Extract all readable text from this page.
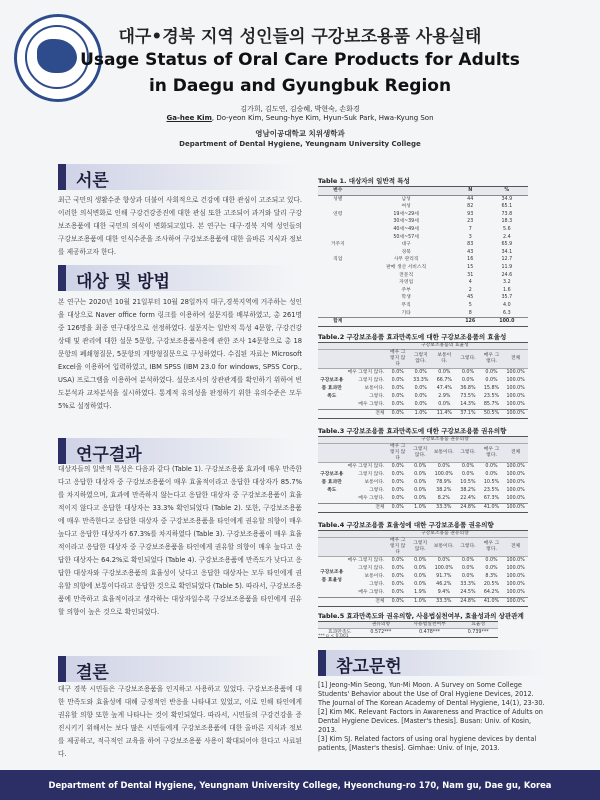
대구•경북 지역 성인들의 구강보조용품 사용실태
Usage Status of Oral Care Products for Adults
in Daegu and Gyungbuk Region
김가희, 김도연, 김승혜, 박현숙, 손화경
Ga-hee Kim, Do-yeon Kim, Seung-hye Kim, Hyun-Suk Park, Hwa-Kyung Son
영남이공대학교 치위생학과
Department of Dental Hygiene, Yeungnam University College
서론
최근 국민의 생활수준 향상과 더불어 사회적으로 건강에 대한 관심이 고조되고 있다. 이러한 의식변화로 인해 구강건강증진에 대한 관심 또한 고조되어 과거와 달리 구강보조용품에 대한 국민의 의식이 변화되고있다. 본 연구는 대구·경북 지역 성인들의 구강보조용품에 대한 인식수준을 조사하여 구강보조용품에 대한 올바른 지식과 정보를 제공하고자 한다.
대상 및 방법
본 연구는 2020년 10월 21일부터 10월 28일까지 대구,경북지역에 거주하는 성인을 대상으로 Naver office form 링크를 이용하여 설문지를 배부하였고, 총 261명 중 126명을 최종 연구대상으로 선정하였다. 설문지는 일반적 특성 4문항, 구강건강상태 및 관리에 대한 설문 5문항, 구강보조용품사용에 관한 조사 14문항으로 총 18문항의 폐쇄형질문, 5문항의 개방형질문으로 구성하였다. 수집된 자료는 Microsoft Excel을 이용하여 입력하였고, IBM SPSS (IBM 23.0 for windows, SPSS Corp., USA) 프로그램을 이용하여 분석하였다. 설문조사의 상관관계를 확인하기 위하여 빈도분석과 교차분석을 실시하였다. 통계적 유의성을 판정하기 위한 유의수준은 모두 5%로 설정하였다.
연구결과
대상자들의 일반적 특성은 다음과 같다 (Table 1). 구강보조용품 효과에 매우 만족한다고 응답한 대상자 중 구강보조용품이 매우 효율적이라고 응답한 대상자가 85.7%를 차지하였으며, 효과에 만족하지 않는다고 응답한 대상자 중 구강보조용품이 효율적이지 않다고 응답한 대상자는 33.3% 확인되었다 (Table 2). 또한, 구강보조용품에 매우 만족한다고 응답한 대상자 중 구강보조용품을 타인에게 권유할 의향이 매우 높다고 응답한 대상자가 67.3%를 차지하였다 (Table 3). 구강보조용품이 매우 효율적이라고 응답한 대상자 중 구강보조용품을 타인에게 권유할 의향이 매우 높다고 응답한 대상자는 64.2%로 확인되었다 (Table 4). 구강보조용품에 만족도가 낮다고 응답한 대상자와 구강보조용품의 효율성이 낮다고 응답한 대상자는 모두 타인에게 권유할 의향에 보통이다라고 응답한 것으로 확인되었다 (Table 5). 따라서, 구강보조용품에 만족하고 효율적이라고 생각하는 대상자일수록 구강보조용품을 타인에게 권유할 의향이 높은 것으로 확인되었다.
결론
대구 경북 시민들은 구강보조용품을 인지하고 사용하고 있었다. 구강보조용품에 대한 만족도와 효율성에 대해 긍정적인 반응을 나타내고 있었고, 이로 인해 타인에게 권유할 의향 또한 높게 나타나는 것이 확인되었다. 따라서, 시민들의 구강건강을 증진시키기 위해서는 보다 많은 시민들에게 구강보조용품에 대한 올바른 지식과 정보를 제공하고, 적극적인 교육을 하여 구강보조용품 사용이 확대되어야 한다고 사료된다.
Table 1. 대상자의 일반적 특성
변수		N	%
성별	남성	44	34.9
	여성	82	65.1
연령	19세~29세	93	73.8
	30세~39세	23	18.3
	40세~49세	7	5.6
	50세~57세	3	2.4
거주지	대구	83	65.9
	경북	43	34.1
직업	사무 관리직	16	12.7
	판매 생산 서비스직	15	11.9
	전문직	31	24.6
	자영업	4	3.2
	주부	2	1.6
	학생	45	35.7
	무직	5	4.0
	기타	8	6.3
합계		126	100.0
Table.2 구강보조용품 효과만족도에 대한 구강보조용품의 효율성
		구강보조용품의 효율성					
		매우 그렇지 않다	그렇지 않다.	보통이다.	그렇다.	매우 그렇다.	전체
구강보조용품 효과만족도	매우 그렇지 않다.	0.0%	0.0%	0.0%	0.0%	0.0%	100.0%
	그렇지 않다.	0.0%	33.3%	66.7%	0.0%	0.0%	100.0%
	보통이다.	0.0%	0.0%	47.4%	36.8%	15.8%	100.0%
	그렇다.	0.0%	0.0%	2.9%	73.5%	23.5%	100.0%
	매우 그렇다.	0.0%	0.0%	0.0%	14.3%	85.7%	100.0%
	전체	0.0%	1.0%	11.4%	37.1%	50.5%	100.0%
Table.3 구강보조용품 효과만족도에 대한 구강보조용품 권유의향
		구강보조용품 권유의향					
		매우 그렇지 않다	그렇지 않다.	보통이다.	그렇다.	매우 그렇다.	전체
구강보조용품 효과만족도	매우 그렇지 않다.	0.0%	0.0%	0.0%	0.0%	0.0%	100.0%
	그렇지 않다.	0.0%	0.0%	100.0%	0.0%	0.0%	100.0%
	보통이다.	0.0%	0.0%	78.9%	10.5%	10.5%	100.0%
	그렇다.	0.0%	0.0%	38.2%	38.2%	23.5%	100.0%
	매우 그렇다.	0.0%	0.0%	8.2%	22.4%	67.3%	100.0%
	전체	0.0%	1.0%	33.3%	24.8%	41.0%	100.0%
Table.4 구강보조용품 효율성에 대한 구강보조용품 권유의향
		구강보조용품 권유의향					
		매우 그렇지 않다	그렇지 않다.	보통이다.	그렇다.	매우 그렇다.	전체
구강보조용품 효율성	매우 그렇지 않다.	0.0%	0.0%	0.0%	0.0%	0.0%	100.0%
	그렇지 않다.	0.0%	0.0%	100.0%	0.0%	0.0%	100.0%
	보통이다.	0.0%	0.0%	91.7%	0.0%	8.3%	100.0%
	그렇다.	0.0%	0.0%	46.2%	33.3%	20.5%	100.0%
	매우 그렇다.	0.0%	1.9%	9.4%	24.5%	64.2%	100.0%
	전체	0.0%	1.0%	33.3%	24.8%	41.0%	100.0%
Table.5 효과만족도와 권유의향, 사용법실천여부, 효율성과의 상관관계
	권유의향	사용법실천여부	효율성
효과만족도	0.572***	0.478***	0.739***
*** p < 0.001
참고문헌
[1] Jeong-Min Seong, Yun-Mi Moon. A Survey on Some College Students' Behavior about the Use of Oral Hygiene Devices, 2012. The Journal of The Korean Academy of Dental Hygiene, 14(1), 23-30.
[2] Kim MK. Relevant Factors in Awareness and Practice of Adults on Dental Hygiene Devices. [Master's thesis]. Busan: Univ. of Kosin, 2013.
[3] Kim SJ. Related factors of using oral hygiene devices by dental patients, [Master's thesis]. Gimhae: Univ. of Inje, 2013.
Department of Dental Hygiene, Yeungnam University College, Hyeonchung-ro 170, Nam gu, Dae gu, Korea
